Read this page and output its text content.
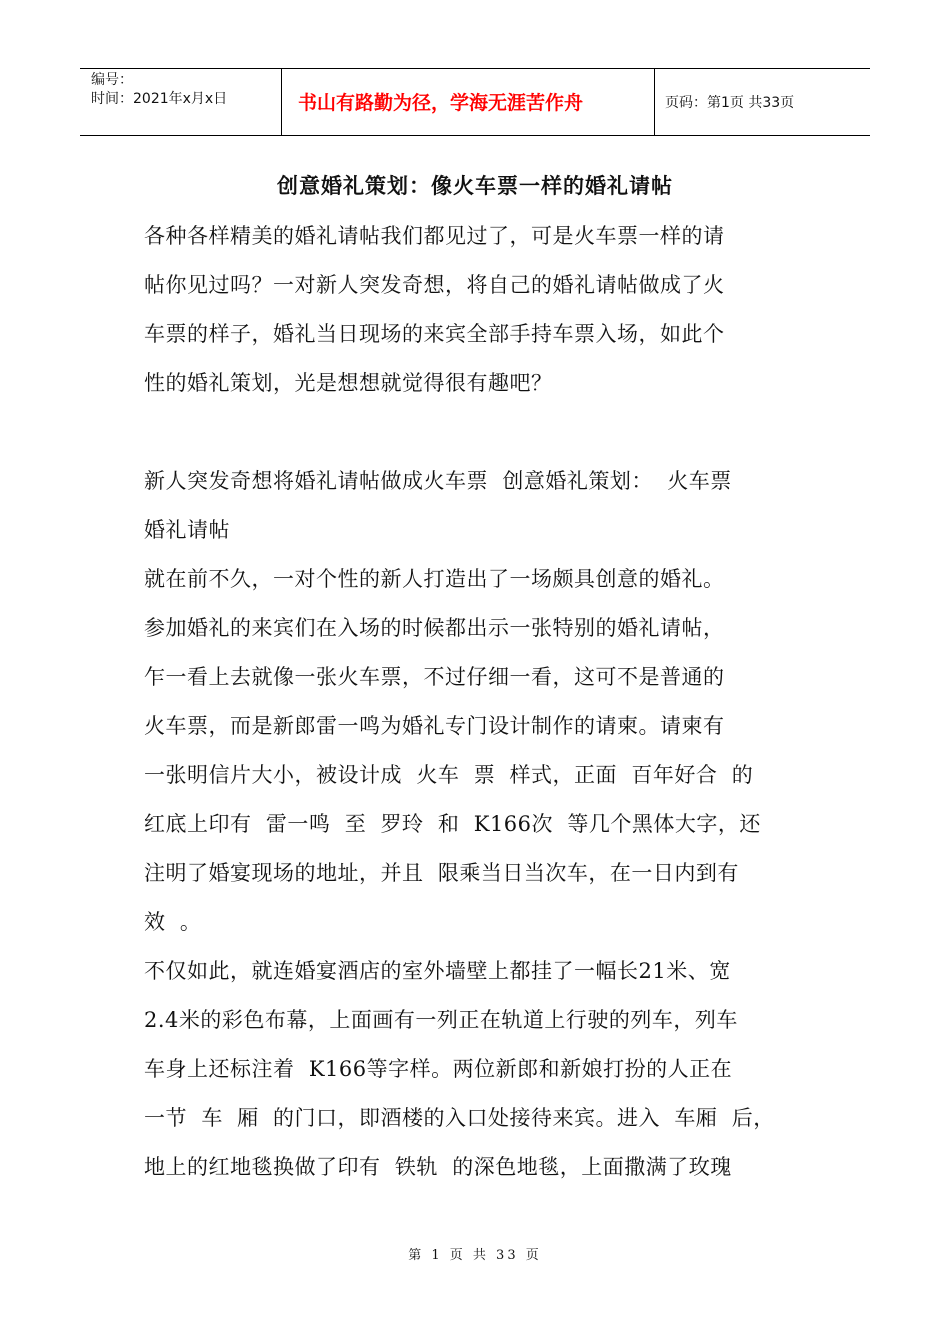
编号：
时间：2021年x月x日	书山有路勤为径，学海无涯苦作舟	页码：第1页 共33页
创意婚礼策划：像火车票一样的婚礼请帖
各种各样精美的婚礼请帖我们都见过了，可是火车票一样的请
帖你见过吗？一对新人突发奇想，将自己的婚礼请帖做成了火
车票的样子，婚礼当日现场的来宾全部手持车票入场，如此个
性的婚礼策划，光是想想就觉得很有趣吧？
新人突发奇想将婚礼请帖做成火车票  创意婚礼策划：  火车票
婚礼请帖
就在前不久，一对个性的新人打造出了一场颇具创意的婚礼。
参加婚礼的来宾们在入场的时候都出示一张特别的婚礼请帖，
乍一看上去就像一张火车票，不过仔细一看，这可不是普通的
火车票，而是新郎雷一鸣为婚礼专门设计制作的请柬。请柬有
一张明信片大小，被设计成  火车  票  样式，正面  百年好合  的
红底上印有  雷一鸣  至  罗玲  和  K166次  等几个黑体大字，还
注明了婚宴现场的地址，并且  限乘当日当次车，在一日内到有
效  。
不仅如此，就连婚宴酒店的室外墙壁上都挂了一幅长21米、宽
2.4米的彩色布幕，上面画有一列正在轨道上行驶的列车，列车
车身上还标注着  K166等字样。两位新郎和新娘打扮的人正在
一节  车  厢  的门口，即酒楼的入口处接待来宾。进入  车厢  后，
地上的红地毯换做了印有  铁轨  的深色地毯，上面撒满了玫瑰
第 1 页 共 33 页
